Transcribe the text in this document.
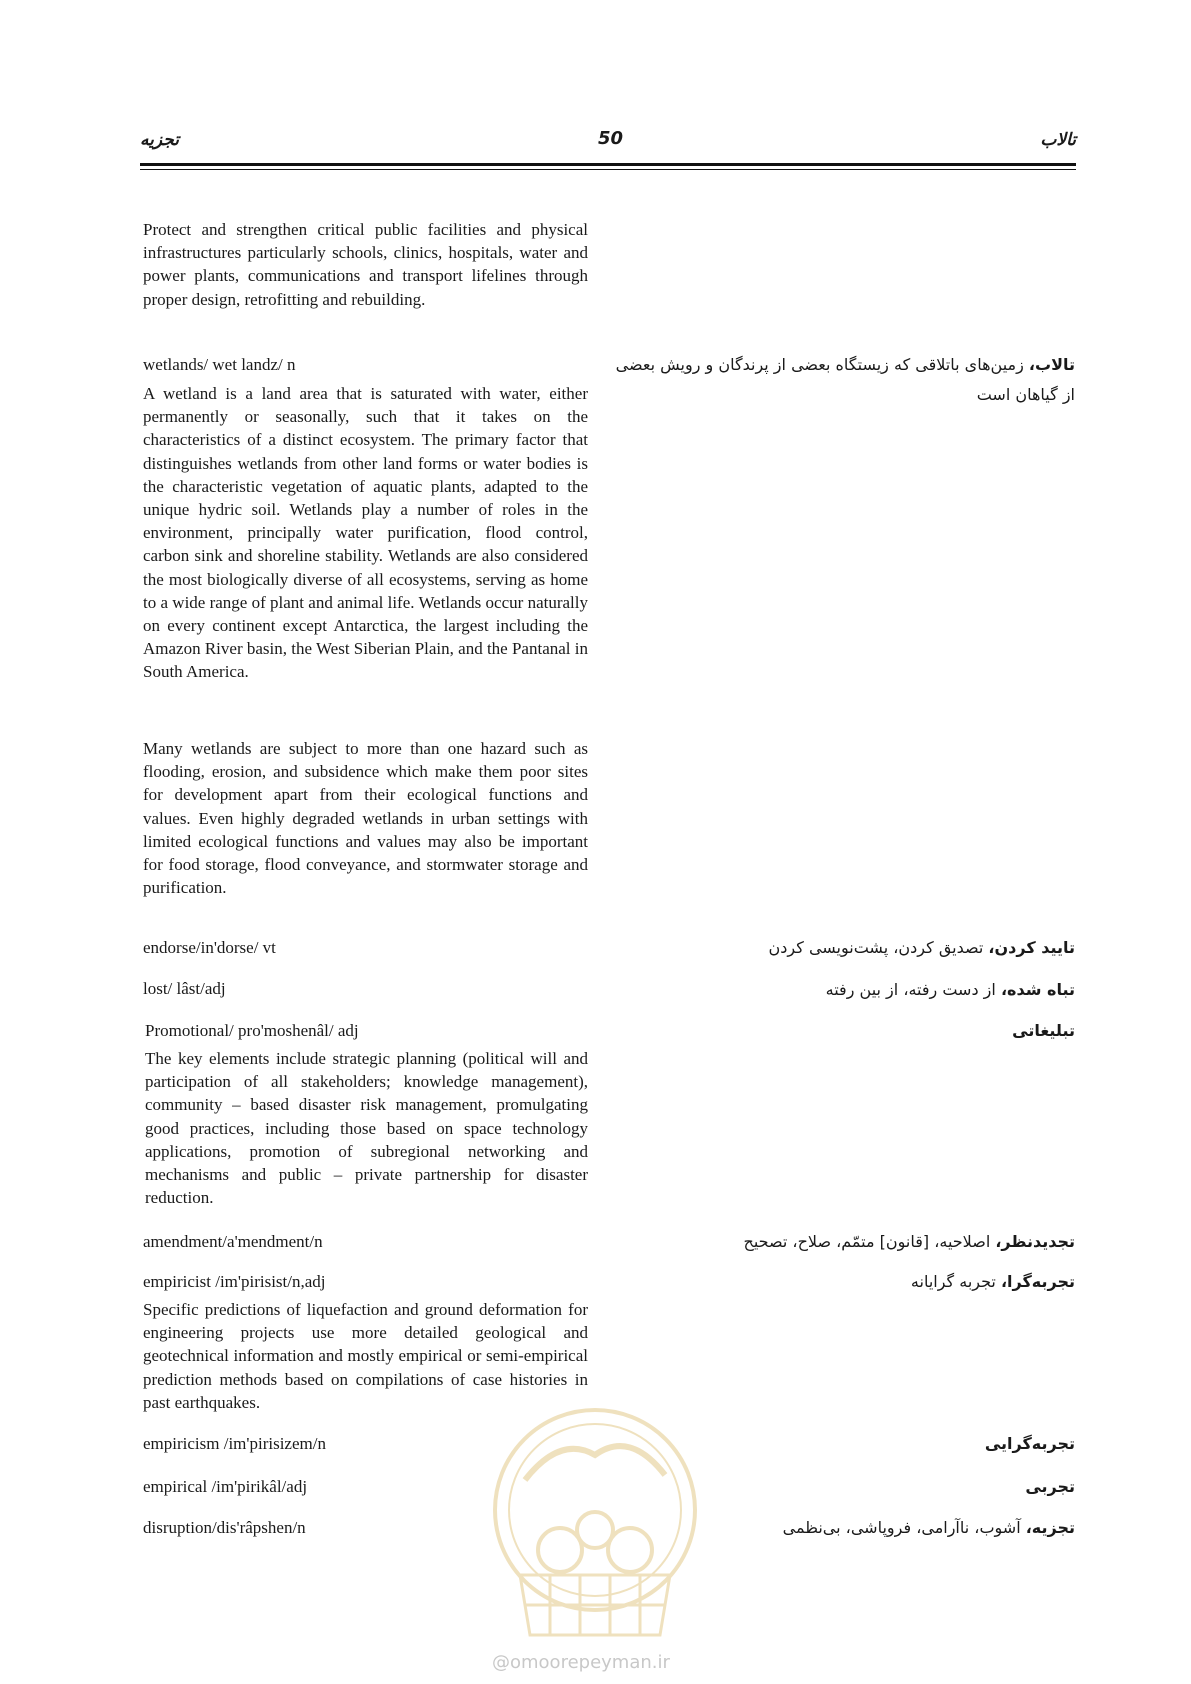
تجزیه	50	تالاب
Protect and strengthen critical public facilities and physical infrastructures particularly schools, clinics, hospitals, water and power plants, communications and transport lifelines through proper design, retrofitting and rebuilding.
wetlands/ wet landz/ n
A wetland is a land area that is saturated with water, either permanently or seasonally, such that it takes on the characteristics of a distinct ecosystem. The primary factor that distinguishes wetlands from other land forms or water bodies is the characteristic vegetation of aquatic plants, adapted to the unique hydric soil. Wetlands play a number of roles in the environment, principally water purification, flood control, carbon sink and shoreline stability. Wetlands are also considered the most biologically diverse of all ecosystems, serving as home to a wide range of plant and animal life. Wetlands occur naturally on every continent except Antarctica, the largest including the Amazon River basin, the West Siberian Plain, and the Pantanal in South America.
Many wetlands are subject to more than one hazard such as flooding, erosion, and subsidence which make them poor sites for development apart from their ecological functions and values. Even highly degraded wetlands in urban settings with limited ecological functions and values may also be important for food storage, flood conveyance, and stormwater storage and purification.
endorse/in'dorse/ vt
lost/ lâst/adj
Promotional/ pro'moshenâl/ adj
The key elements include strategic planning (political will and participation of all stakeholders; knowledge management), community – based disaster risk management, promulgating good practices, including those based on space technology applications, promotion of subregional networking and mechanisms and public – private partnership for disaster reduction.
amendment/a'mendment/n
empiricist /im'pirisist/n,adj
Specific predictions of liquefaction and ground deformation for engineering projects use more detailed geological and geotechnical information and mostly empirical or semi-empirical prediction methods based on compilations of case histories in past earthquakes.
empiricism /im'pirisizem/n
empirical /im'pirikâl/adj
disruption/dis'râpshen/n
تالاب، زمین‌های باتلاقی که زیستگاه بعضی از پرندگان و رویش بعضی از گیاهان است
تایید کردن، تصدیق کردن، پشت‌نویسی کردن
تباه شده، از دست رفته، از بین رفته
تبلیغاتی
تجدیدنظر، اصلاحیه، [قانون] متمّم، صلاح، تصحیح
تجربه‌گرا، تجربه گرایانه
تجربه‌گرایی
تجربی
تجزیه، آشوب، ناآرامی، فروپاشی، بی‌نظمی
@omoorepeyman.ir
